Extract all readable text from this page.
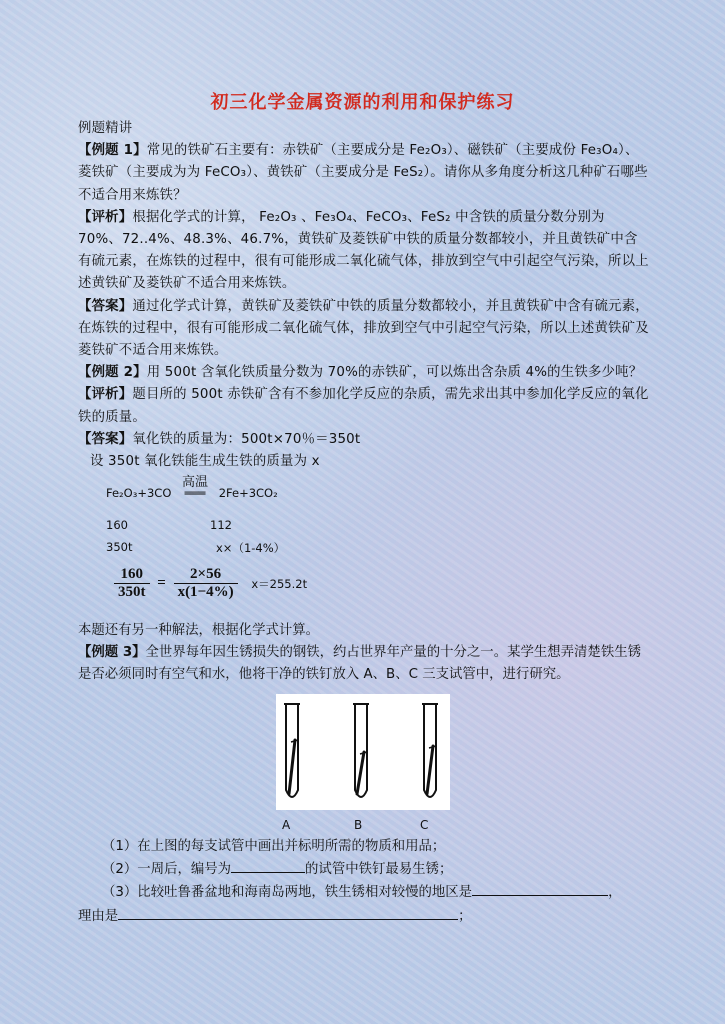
初三化学金属资源的利用和保护练习

例题精讲

【例题 1】常见的铁矿石主要有：赤铁矿（主要成分是 Fe₂O₃）、磁铁矿（主要成份 Fe₃O₄）、菱铁矿（主要成为为 FeCO₃）、黄铁矿（主要成分是 FeS₂）。请你从多角度分析这几种矿石哪些不适合用来炼铁？

【评析】根据化学式的计算， Fe₂O₃ 、Fe₃O₄、FeCO₃、FeS₂ 中含铁的质量分数分别为 70%、72..4%、48.3%、46.7%，黄铁矿及菱铁矿中铁的质量分数都较小，并且黄铁矿中含有硫元素，在炼铁的过程中，很有可能形成二氧化硫气体，排放到空气中引起空气污染，所以上述黄铁矿及菱铁矿不适合用来炼铁。

【答案】通过化学式计算，黄铁矿及菱铁矿中铁的质量分数都较小，并且黄铁矿中含有硫元素，在炼铁的过程中，很有可能形成二氧化硫气体，排放到空气中引起空气污染，所以上述黄铁矿及菱铁矿不适合用来炼铁。

【例题 2】用 500t 含氧化铁质量分数为 70%的赤铁矿，可以炼出含杂质 4%的生铁多少吨？

【评析】题目所的 500t 赤铁矿含有不参加化学反应的杂质，需先求出其中参加化学反应的氧化铁的质量。

【答案】氧化铁的质量为：500t×70％＝350t

设 350t 氧化铁能生成生铁的质量为 x

Fe₂O₃+3CO
高温
═══ 2Fe+3CO₂
160	112
350t	x×（1-4%）
$\frac{160}{350t} = \frac{2\times 56}{x(1-4\%)} x=255.2t$

本题还有另一种解法，根据化学式计算。

【例题 3】全世界每年因生锈损失的钢铁，约占世界年产量的十分之一。某学生想弄清楚铁生锈是否必须同时有空气和水，他将干净的铁钉放入 A、B、C 三支试管中，进行研究。

A	B	C

（1）在上图的每支试管中画出并标明所需的物质和用品；

（2）一周后，编号为	的试管中铁钉最易生锈；

（3）比较吐鲁番盆地和海南岛两地，铁生锈相对较慢的地区是	，

理由是	；
